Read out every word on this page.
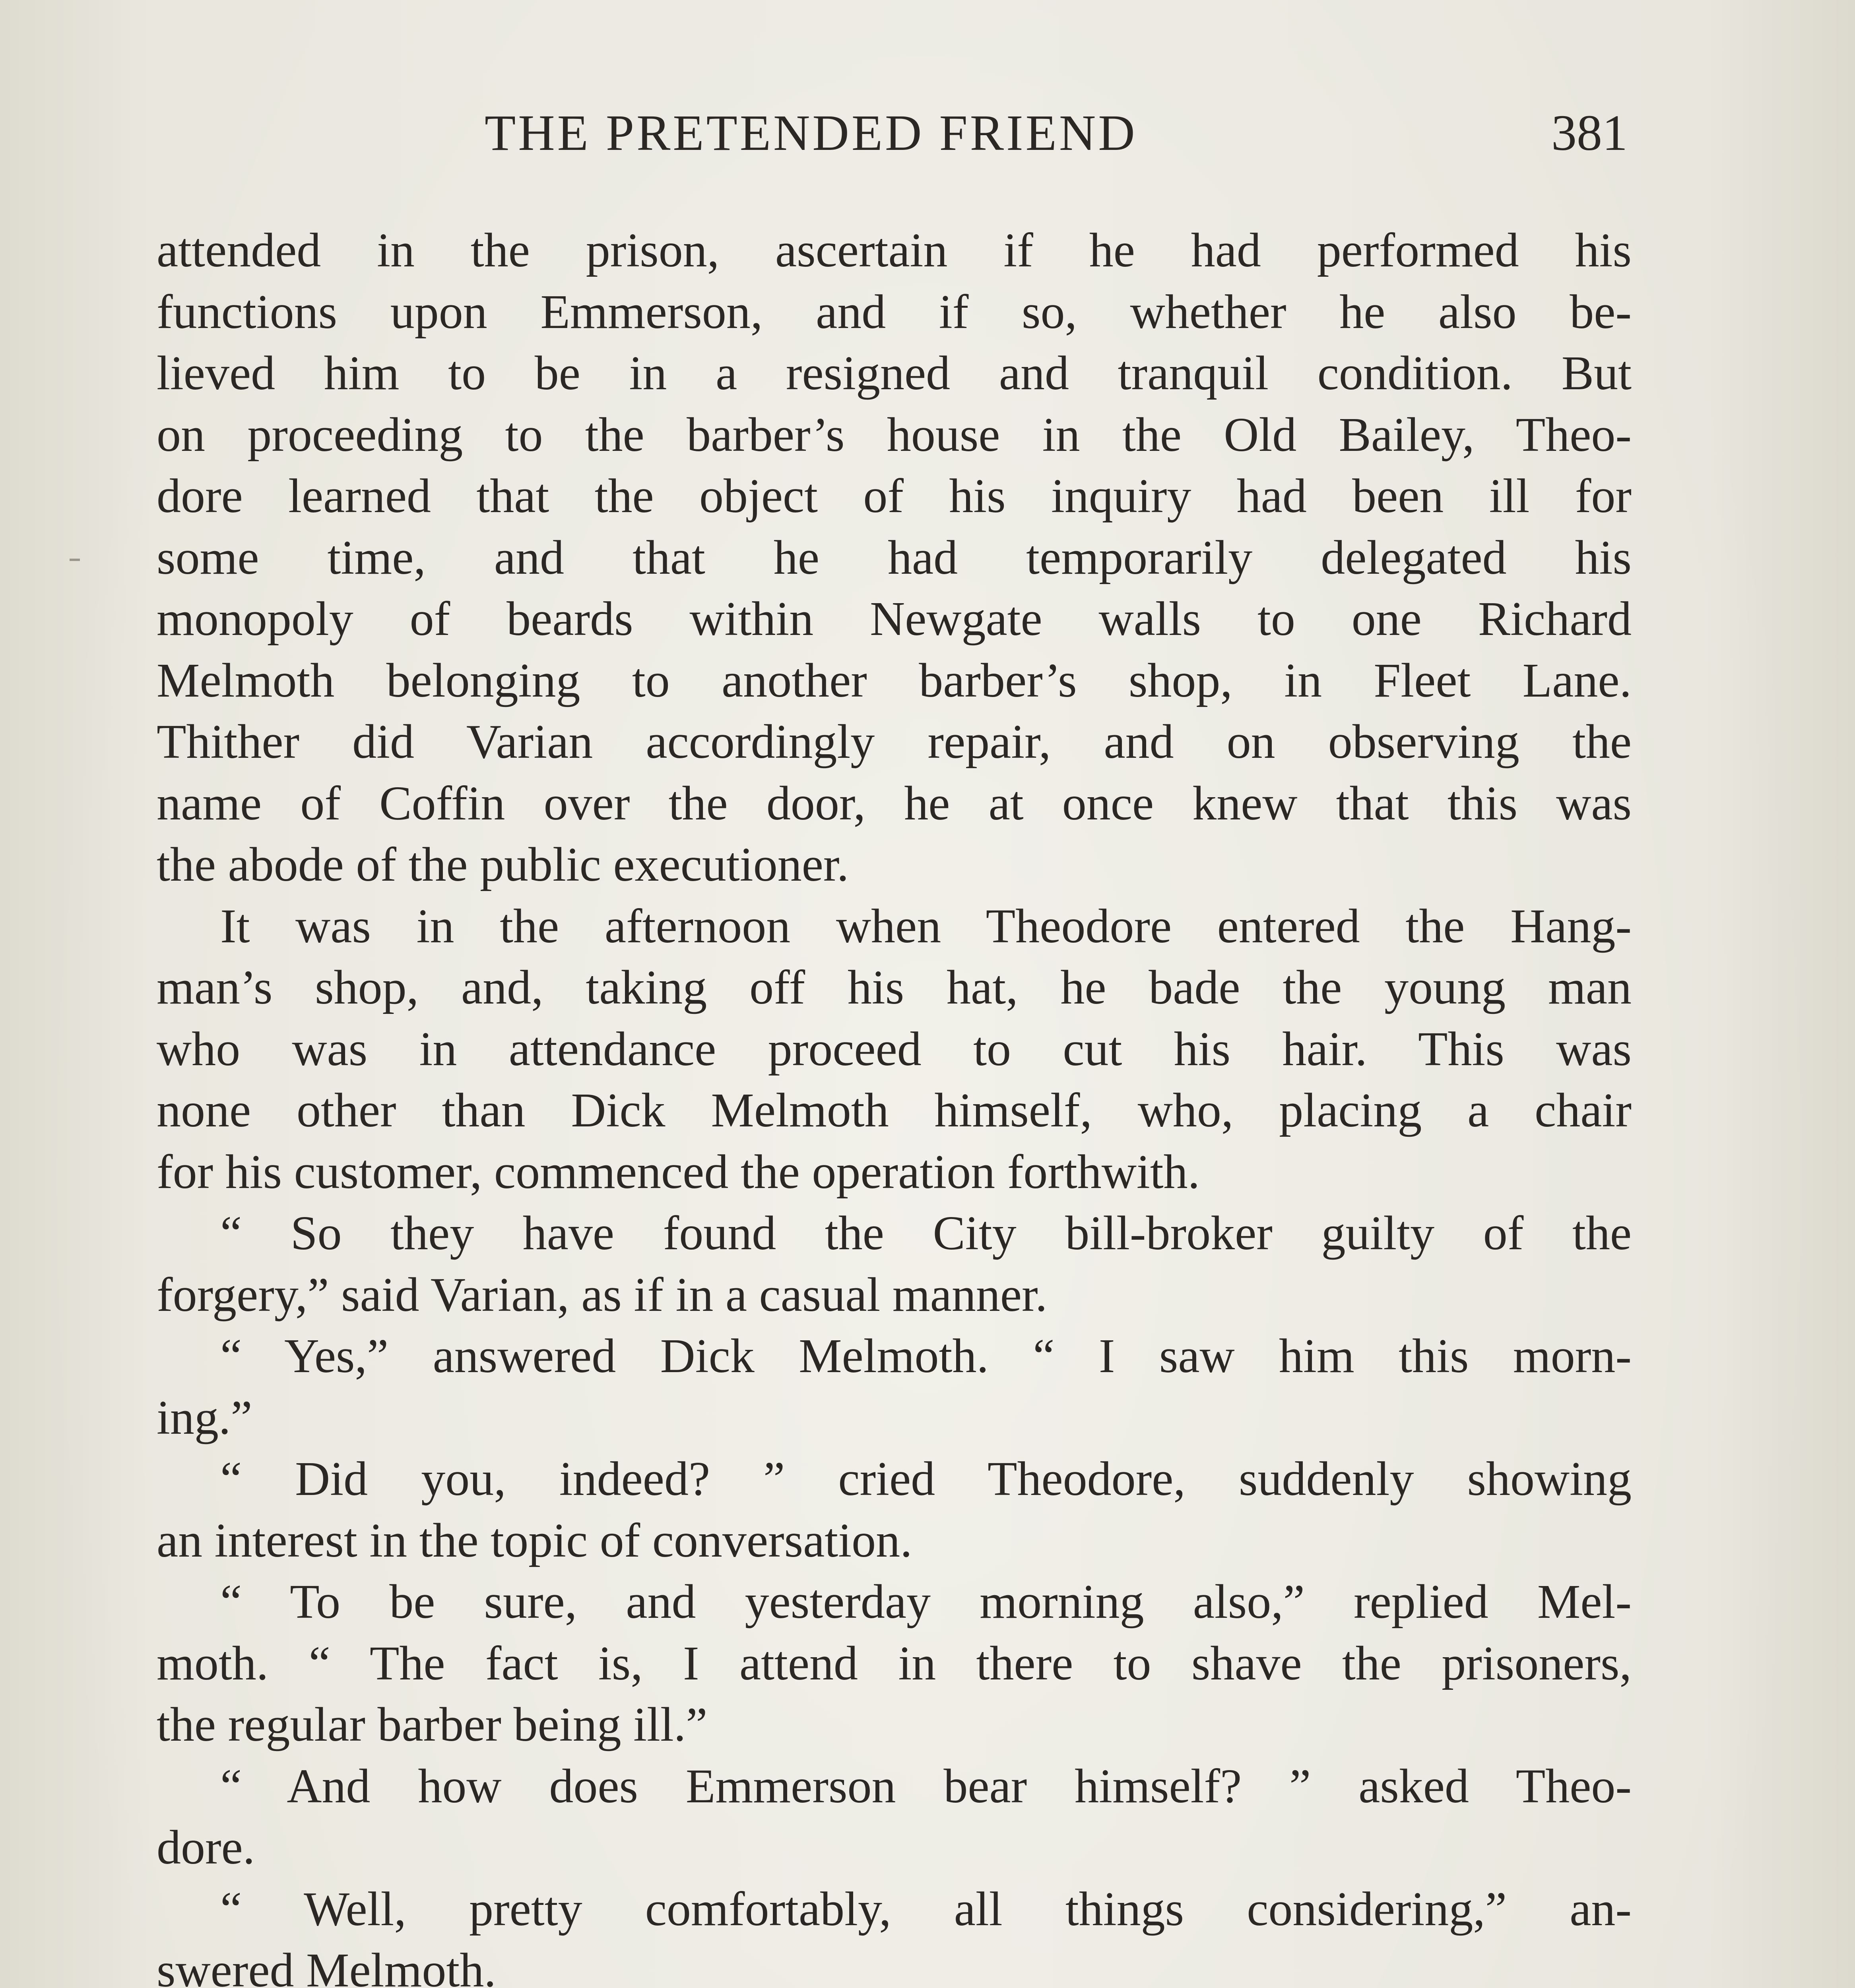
THE PRETENDED FRIEND	381
attended in the prison, ascertain if he had performed his
functions upon Emmerson, and if so, whether he also be-
lieved him to be in a resigned and tranquil condition. But
on proceeding to the barber’s house in the Old Bailey, Theo-
dore learned that the object of his inquiry had been ill for
some time, and that he had temporarily delegated his
monopoly of beards within Newgate walls to one Richard
Melmoth belonging to another barber’s shop, in Fleet Lane.
Thither did Varian accordingly repair, and on observing the
name of Coffin over the door, he at once knew that this was
the abode of the public executioner.
It was in the afternoon when Theodore entered the Hang-
man’s shop, and, taking off his hat, he bade the young man
who was in attendance proceed to cut his hair. This was
none other than Dick Melmoth himself, who, placing a chair
for his customer, commenced the operation forthwith.
“ So they have found the City bill-broker guilty of the
forgery,” said Varian, as if in a casual manner.
“ Yes,” answered Dick Melmoth. “ I saw him this morn-
ing.”
“ Did you, indeed? ” cried Theodore, suddenly showing
an interest in the topic of conversation.
“ To be sure, and yesterday morning also,” replied Mel-
moth. “ The fact is, I attend in there to shave the prisoners,
the regular barber being ill.”
“ And how does Emmerson bear himself? ” asked Theo-
dore.
“ Well, pretty comfortably, all things considering,” an-
swered Melmoth.
